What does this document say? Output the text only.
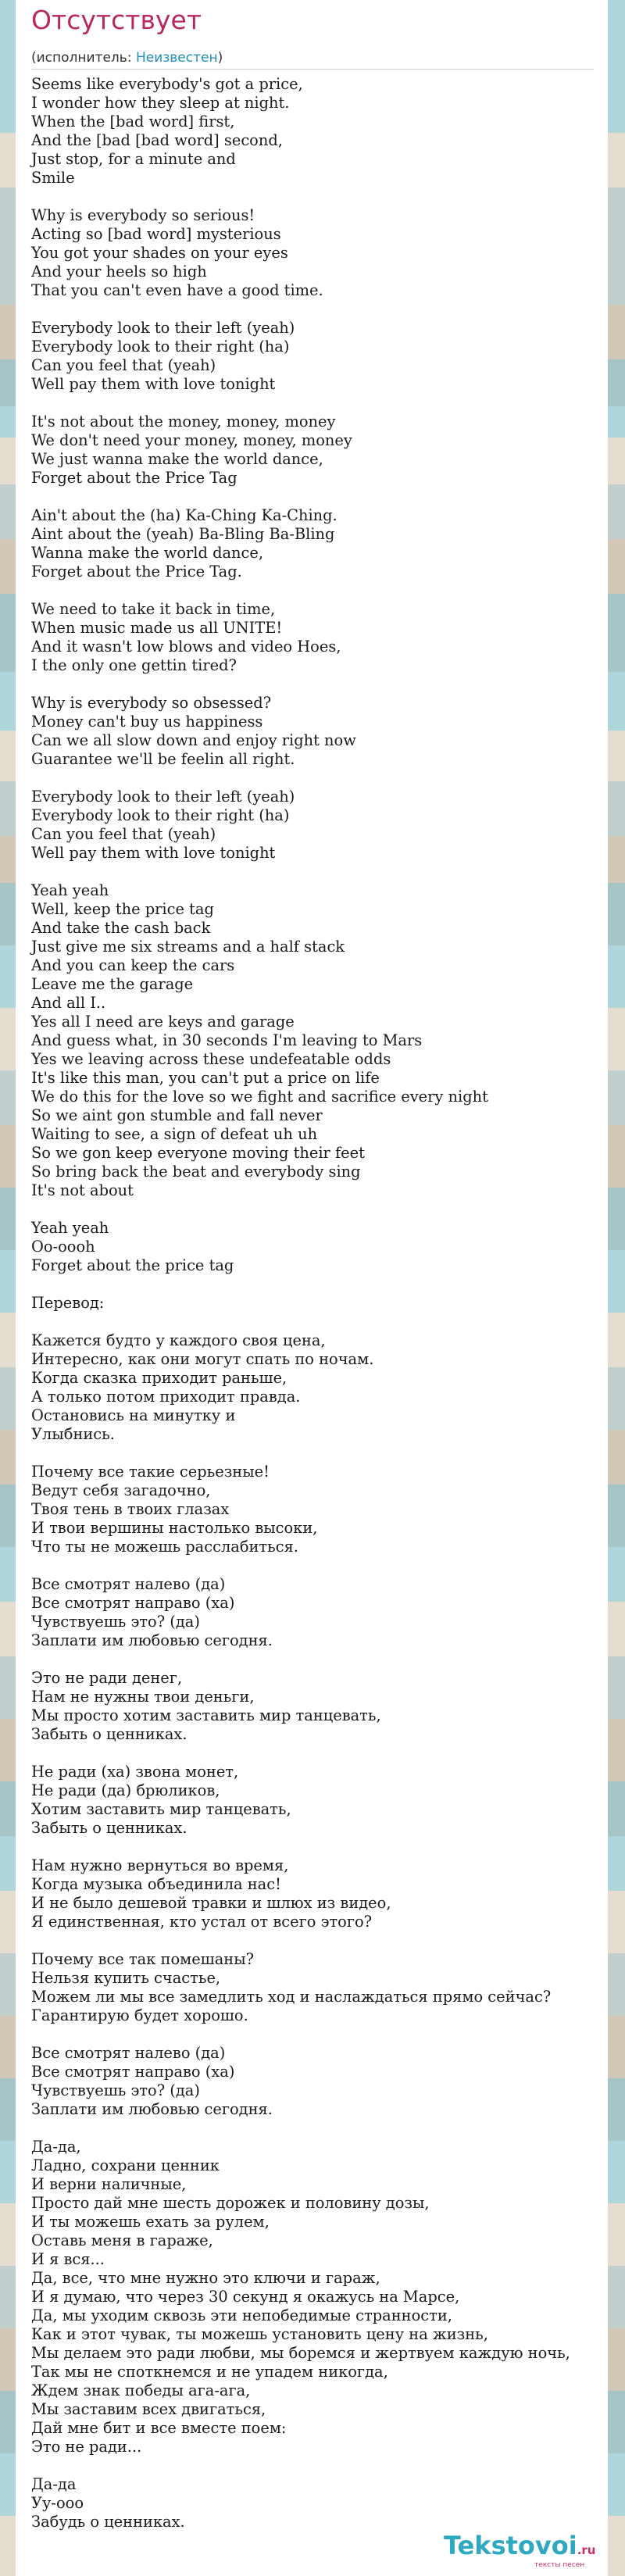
Отсутствует
(исполнитель: Неизвестен)
Seems like everybody's got a price,
I wonder how they sleep at night.
When the [bad word] first,
And the [bad [bad word] second,
Just stop, for a minute and
Smile
Why is everybody so serious!
Acting so [bad word] mysterious
You got your shades on your eyes
And your heels so high
That you can't even have a good time.
Everybody look to their left (yeah)
Everybody look to their right (ha)
Can you feel that (yeah)
Well pay them with love tonight
It's not about the money, money, money
We don't need your money, money, money
We just wanna make the world dance,
Forget about the Price Tag
Ain't about the (ha) Ka-Ching Ka-Ching.
Aint about the (yeah) Ba-Bling Ba-Bling
Wanna make the world dance,
Forget about the Price Tag.
We need to take it back in time,
When music made us all UNITE!
And it wasn't low blows and video Hoes,
I the only one gettin tired?
Why is everybody so obsessed?
Money can't buy us happiness
Can we all slow down and enjoy right now
Guarantee we'll be feelin all right.
Everybody look to their left (yeah)
Everybody look to their right (ha)
Can you feel that (yeah)
Well pay them with love tonight
Yeah yeah
Well, keep the price tag
And take the cash back
Just give me six streams and a half stack
And you can keep the cars
Leave me the garage
And all I..
Yes all I need are keys and garage
And guess what, in 30 seconds I'm leaving to Mars
Yes we leaving across these undefeatable odds
It's like this man, you can't put a price on life
We do this for the love so we fight and sacrifice every night
So we aint gon stumble and fall never
Waiting to see, a sign of defeat uh uh
So we gon keep everyone moving their feet
So bring back the beat and everybody sing
It's not about
Yeah yeah
Oo-oooh
Forget about the price tag
Перевод:
Кажется будто у каждого своя цена,
Интересно, как они могут спать по ночам.
Когда сказка приходит раньше,
А только потом приходит правда.
Остановись на минутку и
Улыбнись.
Почему все такие серьезные!
Ведут себя загадочно,
Твоя тень в твоих глазах
И твои вершины настолько высоки,
Что ты не можешь расслабиться.
Все смотрят налево (да)
Все смотрят направо (ха)
Чувствуешь это? (да)
Заплати им любовью сегодня.
Это не ради денег,
Нам не нужны твои деньги,
Мы просто хотим заставить мир танцевать,
Забыть о ценниках.
Не ради (ха) звона монет,
Не ради (да) брюликов,
Хотим заставить мир танцевать,
Забыть о ценниках.
Нам нужно вернуться во время,
Когда музыка объединила нас!
И не было дешевой травки и шлюх из видео,
Я единственная, кто устал от всего этого?
Почему все так помешаны?
Нельзя купить счастье,
Можем ли мы все замедлить ход и наслаждаться прямо сейчас?
Гарантирую будет хорошо.
Все смотрят налево (да)
Все смотрят направо (ха)
Чувствуешь это? (да)
Заплати им любовью сегодня.
Да-да,
Ладно, сохрани ценник
И верни наличные,
Просто дай мне шесть дорожек и половину дозы,
И ты можешь ехать за рулем,
Оставь меня в гараже,
И я вся...
Да, все, что мне нужно это ключи и гараж,
И я думаю, что через 30 секунд я окажусь на Марсе,
Да, мы уходим сквозь эти непобедимые странности,
Как и этот чувак, ты можешь установить цену на жизнь,
Мы делаем это ради любви, мы боремся и жертвуем каждую ночь,
Так мы не споткнемся и не упадем никогда,
Ждем знак победы ага-ага,
Мы заставим всех двигаться,
Дай мне бит и все вместе поем:
Это не ради...
Да-да
Уу-ооо
Забудь о ценниках.
Tekstovoi.ru
тексты песен
